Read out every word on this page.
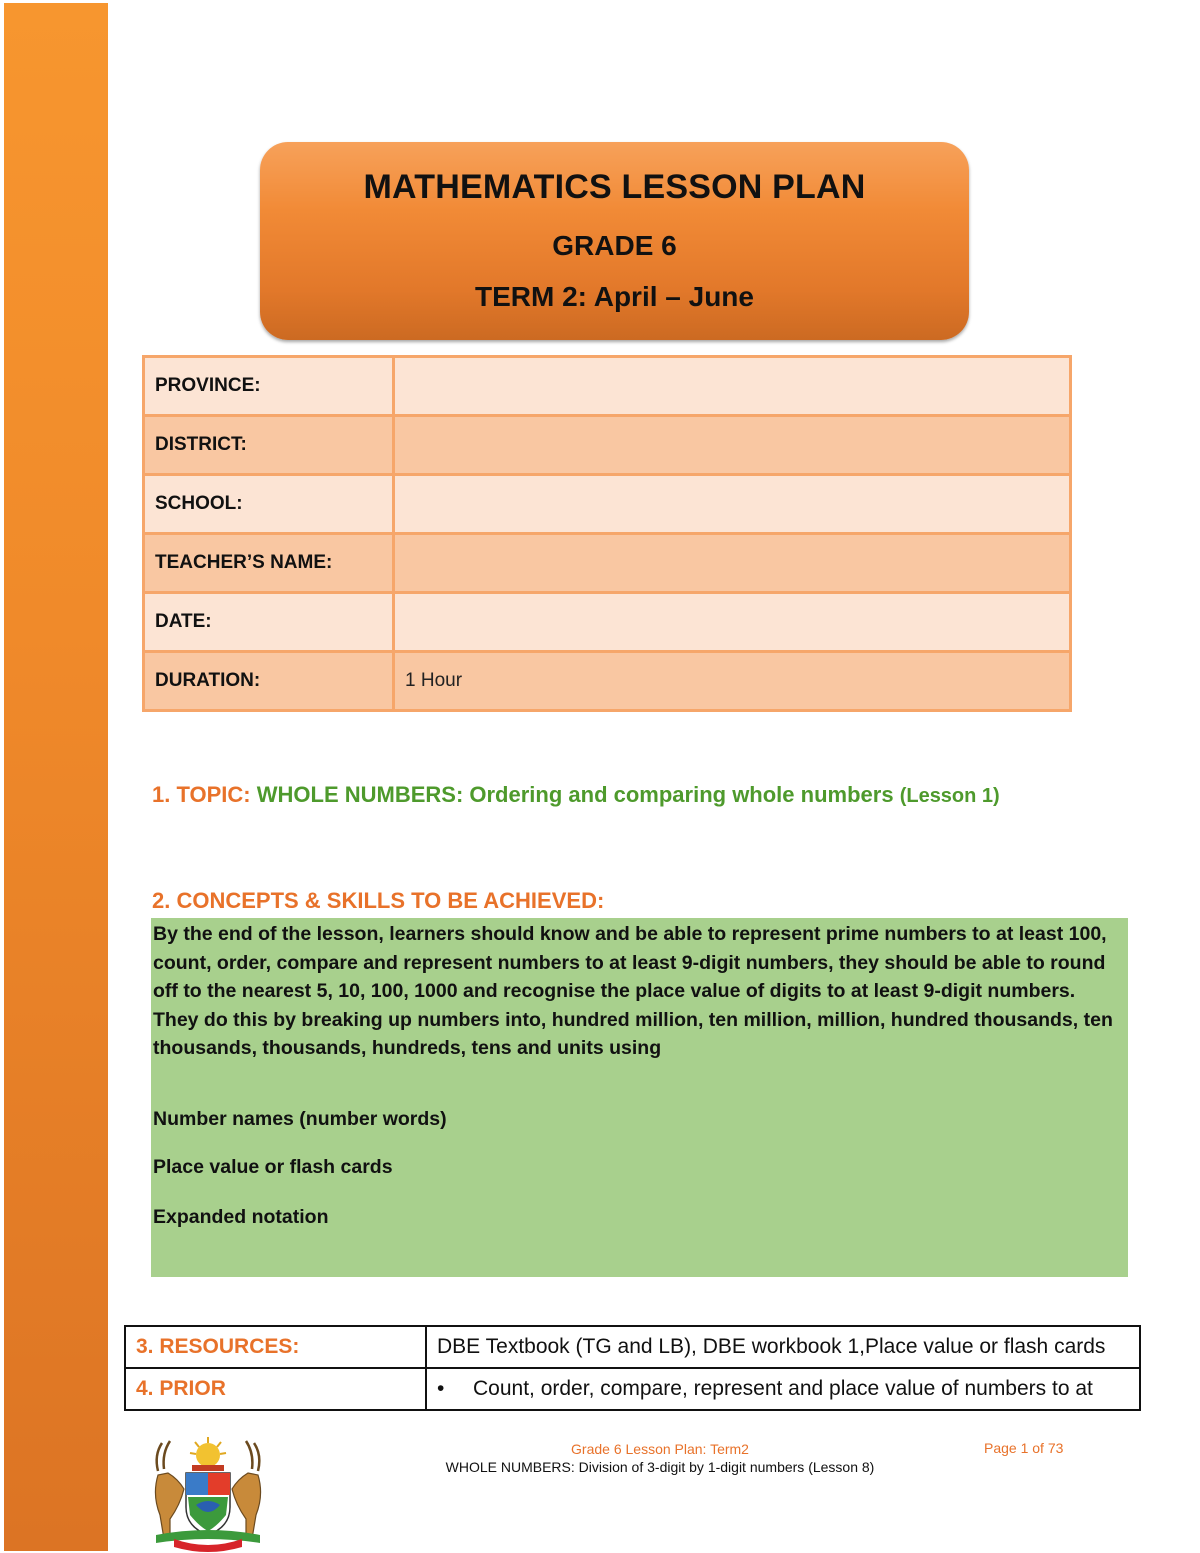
MATHEMATICS LESSON PLAN
GRADE 6
TERM 2: April – June
PROVINCE:	
DISTRICT:	
SCHOOL:	
TEACHER’S NAME:	
DATE:	
DURATION:	1 Hour
1. TOPIC: WHOLE NUMBERS: Ordering and comparing whole numbers (Lesson 1)
2. CONCEPTS & SKILLS TO BE ACHIEVED:

By the end of the lesson, learners should know and be able to represent prime numbers to at least 100, count, order, compare and represent numbers to at least 9-digit numbers, they should be able to round off to the nearest 5, 10, 100, 1000 and recognise the place value of digits to at least 9-digit numbers. They do this by breaking up numbers into, hundred million, ten million, million, hundred thousands, ten thousands, thousands, hundreds, tens and units using

Number names (number words)

Place value or flash cards

Expanded notation

3. RESOURCES:	DBE Textbook (TG and LB), DBE workbook 1,Place value or flash cards
4. PRIOR	• Count, order, compare, represent and place value of numbers to at
Grade 6 Lesson Plan: Term2
WHOLE NUMBERS: Division of 3-digit by 1-digit numbers (Lesson 8)
Page 1 of 73
